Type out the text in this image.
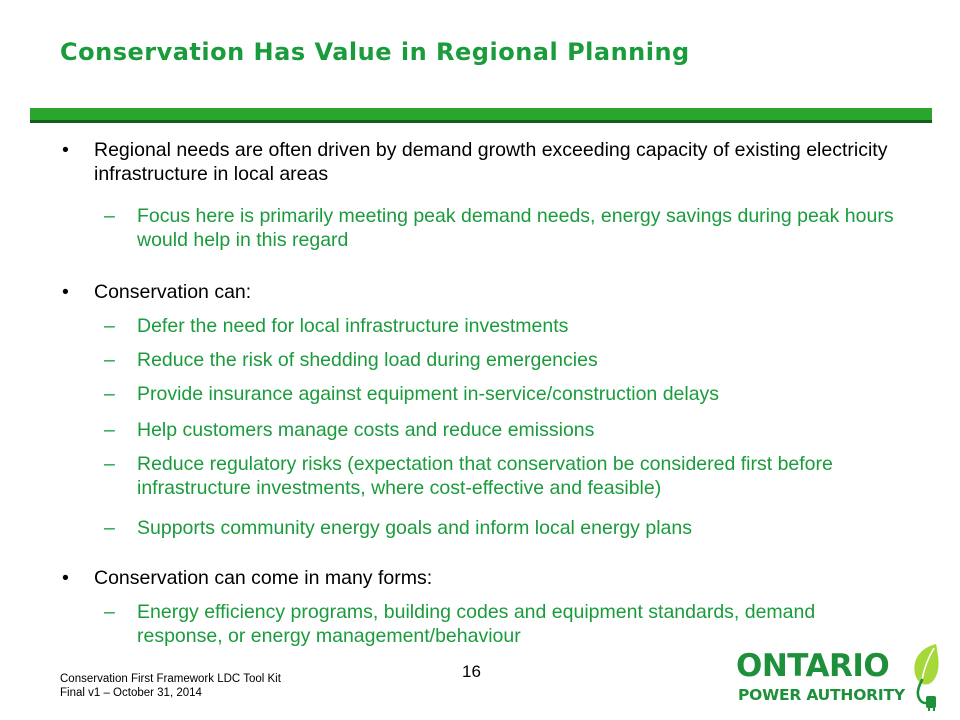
Conservation Has Value in Regional Planning
• Regional needs are often driven by demand growth exceeding capacity of existing electricity infrastructure in local areas
– Focus here is primarily meeting peak demand needs, energy savings during peak hours would help in this regard
• Conservation can:
– Defer the need for local infrastructure investments
– Reduce the risk of shedding load during emergencies
– Provide insurance against equipment in-service/construction delays
– Help customers manage costs and reduce emissions
– Reduce regulatory risks (expectation that conservation be considered first before infrastructure investments, where cost-effective and feasible)
– Supports community energy goals and inform local energy plans
• Conservation can come in many forms:
– Energy efficiency programs, building codes and equipment standards, demand response, or energy management/behaviour
Conservation First Framework LDC Tool Kit
Final v1 – October 31, 2014
16	ONTARIO
POWER AUTHORITY
